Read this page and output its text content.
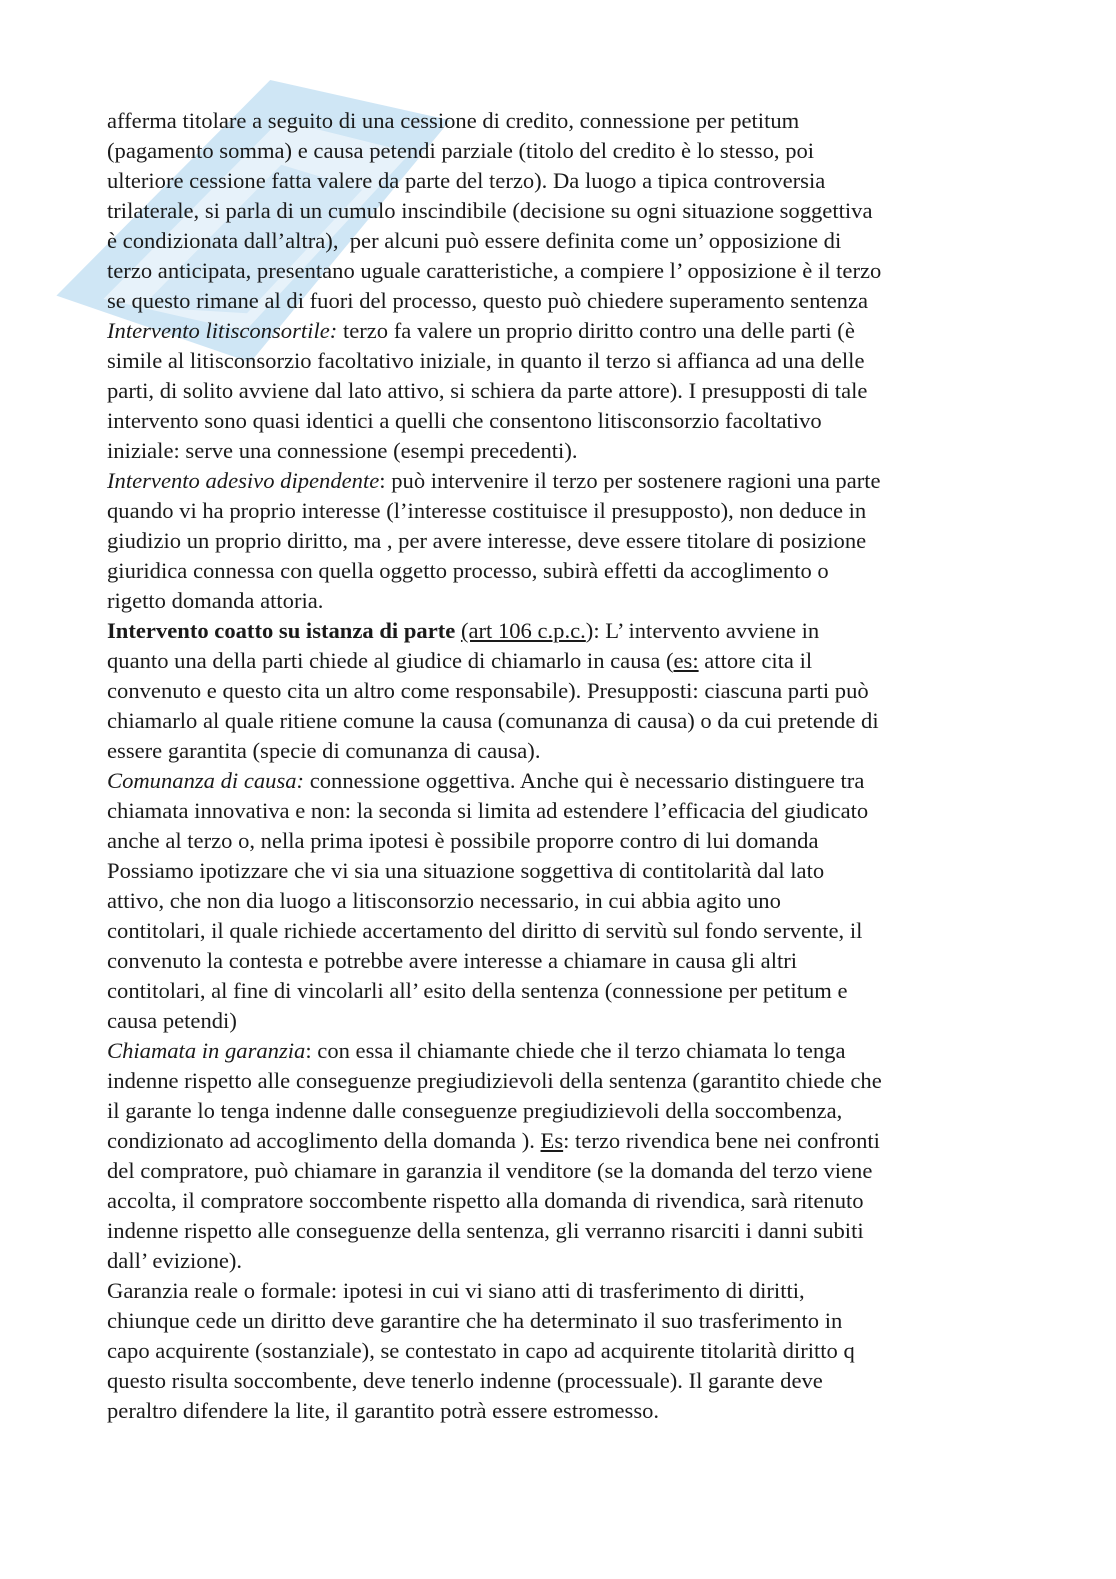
afferma titolare a seguito di una cessione di credito, connessione per petitum
(pagamento somma) e causa petendi parziale (titolo del credito è lo stesso, poi
ulteriore cessione fatta valere da parte del terzo). Da luogo a tipica controversia
trilaterale, si parla di un cumulo inscindibile (decisione su ogni situazione soggettiva
è condizionata dall’altra),  per alcuni può essere definita come un’ opposizione di
terzo anticipata, presentano uguale caratteristiche, a compiere l’ opposizione è il terzo
se questo rimane al di fuori del processo, questo può chiedere superamento sentenza
Intervento litisconsortile: terzo fa valere un proprio diritto contro una delle parti (è
simile al litisconsorzio facoltativo iniziale, in quanto il terzo si affianca ad una delle
parti, di solito avviene dal lato attivo, si schiera da parte attore). I presupposti di tale
intervento sono quasi identici a quelli che consentono litisconsorzio facoltativo
iniziale: serve una connessione (esempi precedenti).
Intervento adesivo dipendente: può intervenire il terzo per sostenere ragioni una parte
quando vi ha proprio interesse (l’interesse costituisce il presupposto), non deduce in
giudizio un proprio diritto, ma , per avere interesse, deve essere titolare di posizione
giuridica connessa con quella oggetto processo, subirà effetti da accoglimento o
rigetto domanda attoria.
Intervento coatto su istanza di parte (art 106 c.p.c.): L’ intervento avviene in
quanto una della parti chiede al giudice di chiamarlo in causa (es: attore cita il
convenuto e questo cita un altro come responsabile). Presupposti: ciascuna parti può
chiamarlo al quale ritiene comune la causa (comunanza di causa) o da cui pretende di
essere garantita (specie di comunanza di causa).
Comunanza di causa: connessione oggettiva. Anche qui è necessario distinguere tra
chiamata innovativa e non: la seconda si limita ad estendere l’efficacia del giudicato
anche al terzo o, nella prima ipotesi è possibile proporre contro di lui domanda
Possiamo ipotizzare che vi sia una situazione soggettiva di contitolarità dal lato
attivo, che non dia luogo a litisconsorzio necessario, in cui abbia agito uno
contitolari, il quale richiede accertamento del diritto di servitù sul fondo servente, il
convenuto la contesta e potrebbe avere interesse a chiamare in causa gli altri
contitolari, al fine di vincolarli all’ esito della sentenza (connessione per petitum e
causa petendi)
Chiamata in garanzia: con essa il chiamante chiede che il terzo chiamata lo tenga
indenne rispetto alle conseguenze pregiudizievoli della sentenza (garantito chiede che
il garante lo tenga indenne dalle conseguenze pregiudizievoli della soccombenza,
condizionato ad accoglimento della domanda ). Es: terzo rivendica bene nei confronti
del compratore, può chiamare in garanzia il venditore (se la domanda del terzo viene
accolta, il compratore soccombente rispetto alla domanda di rivendica, sarà ritenuto
indenne rispetto alle conseguenze della sentenza, gli verranno risarciti i danni subiti
dall’ evizione).
Garanzia reale o formale: ipotesi in cui vi siano atti di trasferimento di diritti,
chiunque cede un diritto deve garantire che ha determinato il suo trasferimento in
capo acquirente (sostanziale), se contestato in capo ad acquirente titolarità diritto q
questo risulta soccombente, deve tenerlo indenne (processuale). Il garante deve
peraltro difendere la lite, il garantito potrà essere estromesso.
